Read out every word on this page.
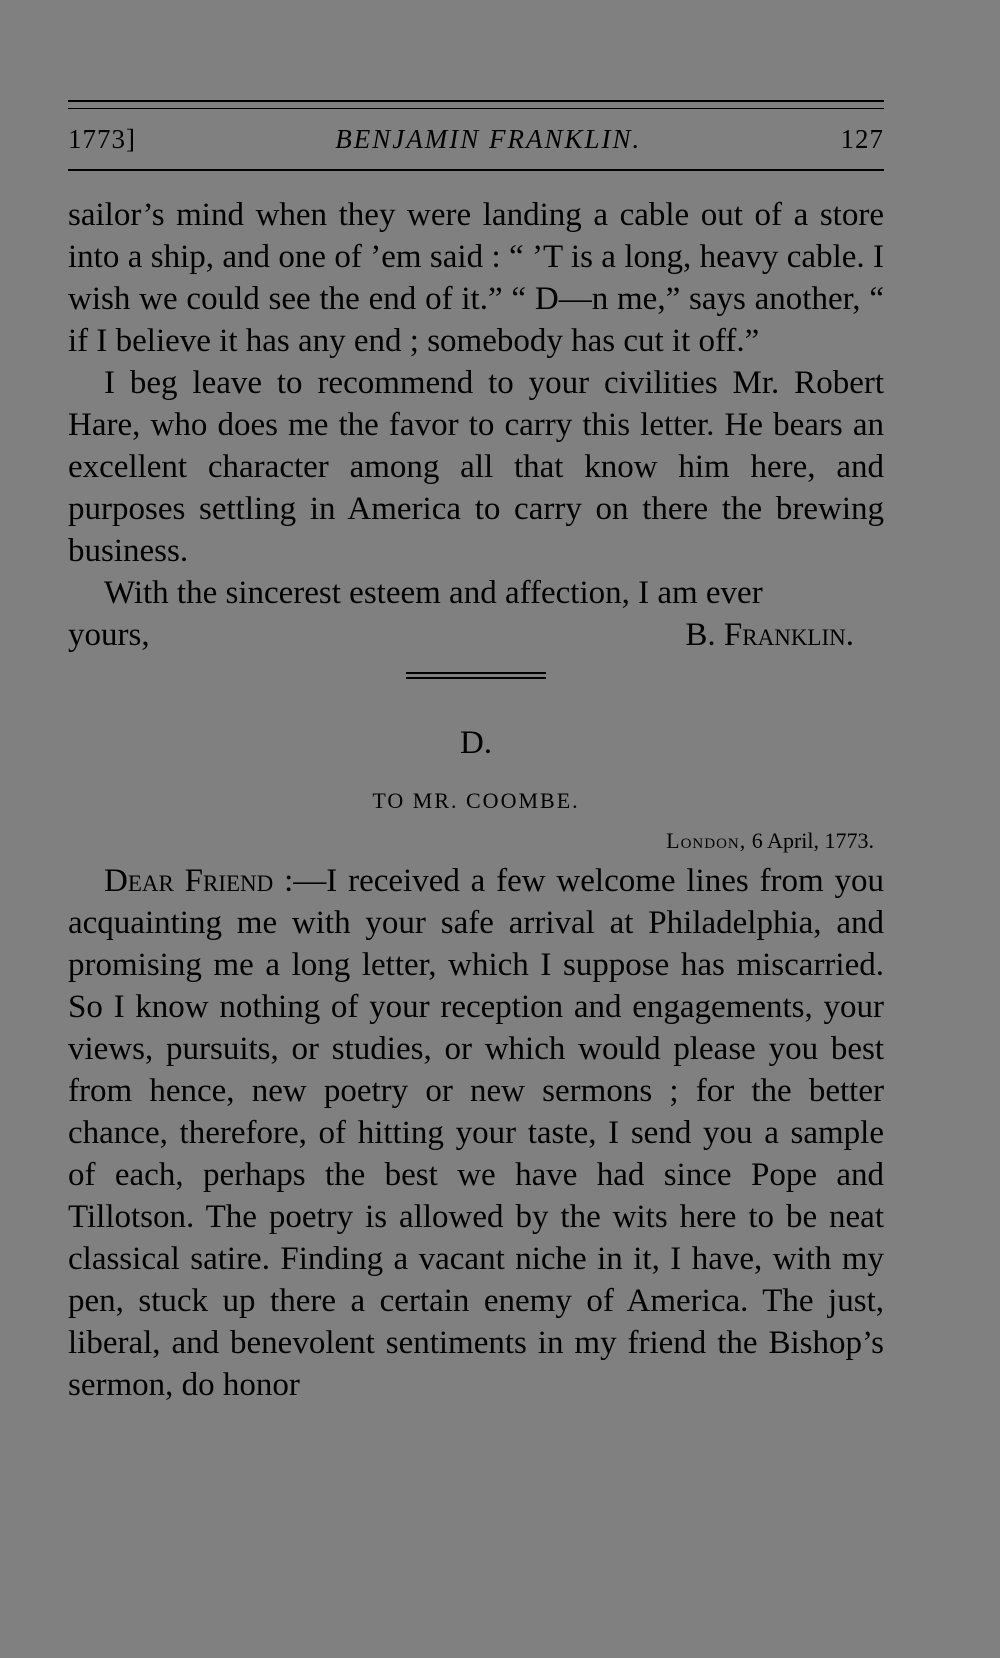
1773]	BENJAMIN FRANKLIN.	127

sailor’s mind when they were landing a cable out of a store into a ship, and one of ’em said : “ ’T is a long, heavy cable. I wish we could see the end of it.” “ D—n me,” says another, “ if I believe it has any end ; somebody has cut it off.”

I beg leave to recommend to your civilities Mr. Robert Hare, who does me the favor to carry this letter. He bears an excellent character among all that know him here, and purposes settling in America to carry on there the brewing business.

With the sincerest esteem and affection, I am ever

yours,	B. Franklin.
D.
TO MR. COOMBE.
London, 6 April, 1773.

Dear Friend :—I received a few welcome lines from you acquainting me with your safe arrival at Philadelphia, and promising me a long letter, which I suppose has miscarried. So I know nothing of your reception and engagements, your views, pursuits, or studies, or which would please you best from hence, new poetry or new sermons ; for the better chance, therefore, of hitting your taste, I send you a sample of each, perhaps the best we have had since Pope and Tillotson. The poetry is allowed by the wits here to be neat classical satire. Finding a vacant niche in it, I have, with my pen, stuck up there a certain enemy of America. The just, liberal, and benevolent sentiments in my friend the Bishop’s sermon, do honor
